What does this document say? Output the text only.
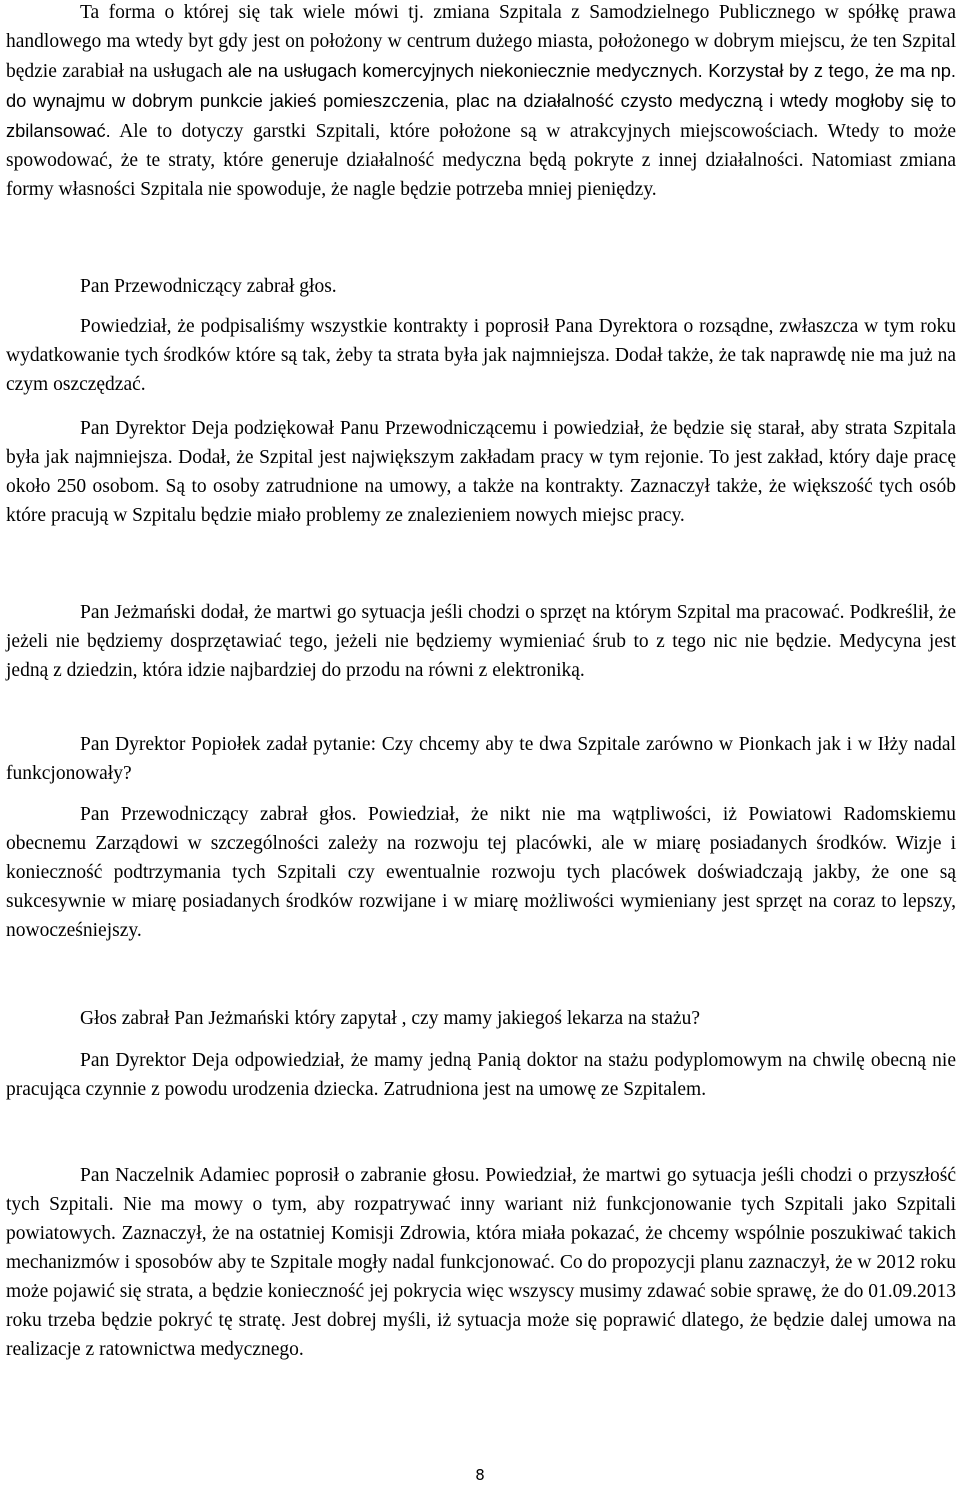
Ta forma o której się tak wiele mówi tj. zmiana Szpitala z Samodzielnego Publicznego w spółkę prawa handlowego ma wtedy byt gdy jest on położony w centrum dużego miasta, położonego w dobrym miejscu, że ten Szpital będzie zarabiał na usługach ale na usługach komercyjnych niekoniecznie medycznych. Korzystał by z tego, że ma np. do wynajmu w dobrym punkcie jakieś pomieszczenia, plac na działalność czysto medyczną i wtedy mogłoby się to zbilansować. Ale to dotyczy garstki Szpitali, które położone są w atrakcyjnych miejscowościach. Wtedy to może spowodować, że te straty, które generuje działalność medyczna będą pokryte z innej działalności. Natomiast zmiana formy własności Szpitala nie spowoduje, że nagle będzie potrzeba mniej pieniędzy.

Pan Przewodniczący zabrał głos.

Powiedział, że podpisaliśmy wszystkie kontrakty i poprosił Pana Dyrektora o rozsądne, zwłaszcza w tym roku wydatkowanie tych środków które są tak, żeby ta strata była jak najmniejsza. Dodał także, że tak naprawdę nie ma już na czym oszczędzać.

Pan Dyrektor Deja podziękował Panu Przewodniczącemu i powiedział, że będzie się starał, aby strata Szpitala była jak najmniejsza. Dodał, że Szpital jest największym zakładam pracy w tym rejonie. To jest zakład, który daje pracę około 250 osobom. Są to osoby zatrudnione na umowy, a także na kontrakty. Zaznaczył także, że większość tych osób które pracują w Szpitalu będzie miało problemy ze znalezieniem nowych miejsc pracy.

Pan Jeżmański dodał, że martwi go sytuacja jeśli chodzi o sprzęt na którym Szpital ma pracować. Podkreślił, że jeżeli nie będziemy dosprzętawiać tego, jeżeli nie będziemy wymieniać śrub to z tego nic nie będzie. Medycyna jest jedną z dziedzin, która idzie najbardziej do przodu na równi z elektroniką.

Pan Dyrektor Popiołek zadał pytanie: Czy chcemy aby te dwa Szpitale zarówno w Pionkach jak i w Iłży nadal funkcjonowały?

Pan Przewodniczący zabrał głos. Powiedział, że nikt nie ma wątpliwości, iż Powiatowi Radomskiemu obecnemu Zarządowi w szczególności zależy na rozwoju tej placówki, ale w miarę posiadanych środków. Wizje i konieczność podtrzymania tych Szpitali czy ewentualnie rozwoju tych placówek doświadczają jakby, że one są sukcesywnie w miarę posiadanych środków rozwijane i w miarę możliwości wymieniany jest sprzęt na coraz to lepszy, nowocześniejszy.

Głos zabrał Pan Jeżmański który zapytał , czy mamy jakiegoś lekarza na stażu?

Pan Dyrektor Deja odpowiedział, że mamy jedną Panią doktor na stażu podyplomowym na chwilę obecną nie pracująca czynnie z powodu urodzenia dziecka. Zatrudniona jest na umowę ze Szpitalem.

Pan Naczelnik Adamiec poprosił o zabranie głosu. Powiedział, że martwi go sytuacja jeśli chodzi o przyszłość tych Szpitali. Nie ma mowy o tym, aby rozpatrywać inny wariant niż funkcjonowanie tych Szpitali jako Szpitali powiatowych. Zaznaczył, że na ostatniej Komisji Zdrowia, która miała pokazać, że chcemy wspólnie poszukiwać takich mechanizmów i sposobów aby te Szpitale mogły nadal funkcjonować. Co do propozycji planu zaznaczył, że w 2012 roku może pojawić się strata, a będzie konieczność jej pokrycia więc wszyscy musimy zdawać sobie sprawę, że do 01.09.2013 roku trzeba będzie pokryć tę stratę. Jest dobrej myśli, iż sytuacja może się poprawić dlatego, że będzie dalej umowa na realizacje z ratownictwa medycznego.

8
